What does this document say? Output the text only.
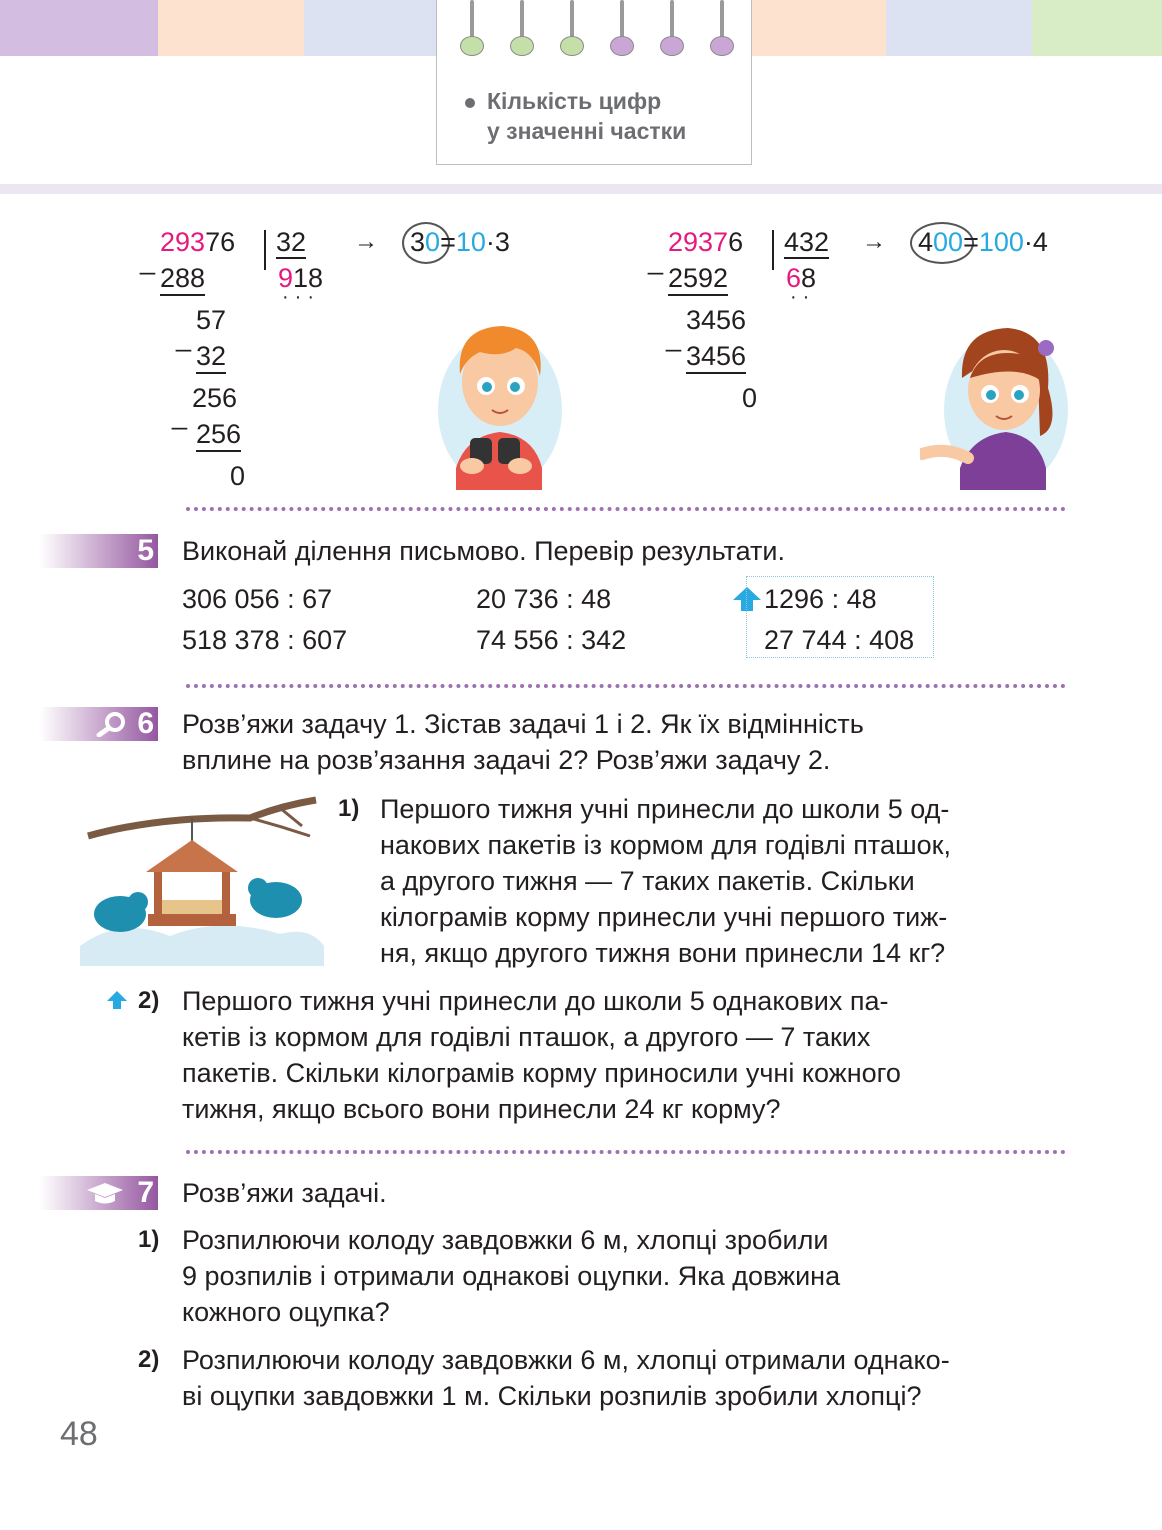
Кількість цифр
у значенні частки
_
29376 32
288	918
···
_
57
32
_
256
256
0
→ 30=10·3
_
29376 432
2592 68
··
_
3456
3456
0
→ 400=100·4
5 Виконай ділення письмово. Перевір результати.
306 056 : 67	20 736 : 48	1296 : 48
518 378 : 607	74 556 : 342	27 744 : 408
6 Розв’яжи задачу 1. Зістав задачі 1 і 2. Як їх відмінність
вплине на розв’язання задачі 2? Розв’яжи задачу 2.
1) Першого тижня учні принесли до школи 5 од-
накових пакетів із кормом для годівлі пташок,
а другого тижня — 7 таких пакетів. Скільки
кілограмів корму принесли учні першого тиж-
ня, якщо другого тижня вони принесли 14 кг?
2) Першого тижня учні принесли до школи 5 однакових па-
кетів із кормом для годівлі пташок, а другого — 7 таких
пакетів. Скільки кілограмів корму приносили учні кожного
тижня, якщо всього вони принесли 24 кг корму?
7 Розв’яжи задачі.
1) Розпилюючи колоду завдовжки 6 м, хлопці зробили
9 розпилів і отримали однакові оцупки. Яка довжина
кожного оцупка?
2) Розпилюючи колоду завдовжки 6 м, хлопці отримали однако-
ві оцупки завдовжки 1 м. Скільки розпилів зробили хлопці?
48
